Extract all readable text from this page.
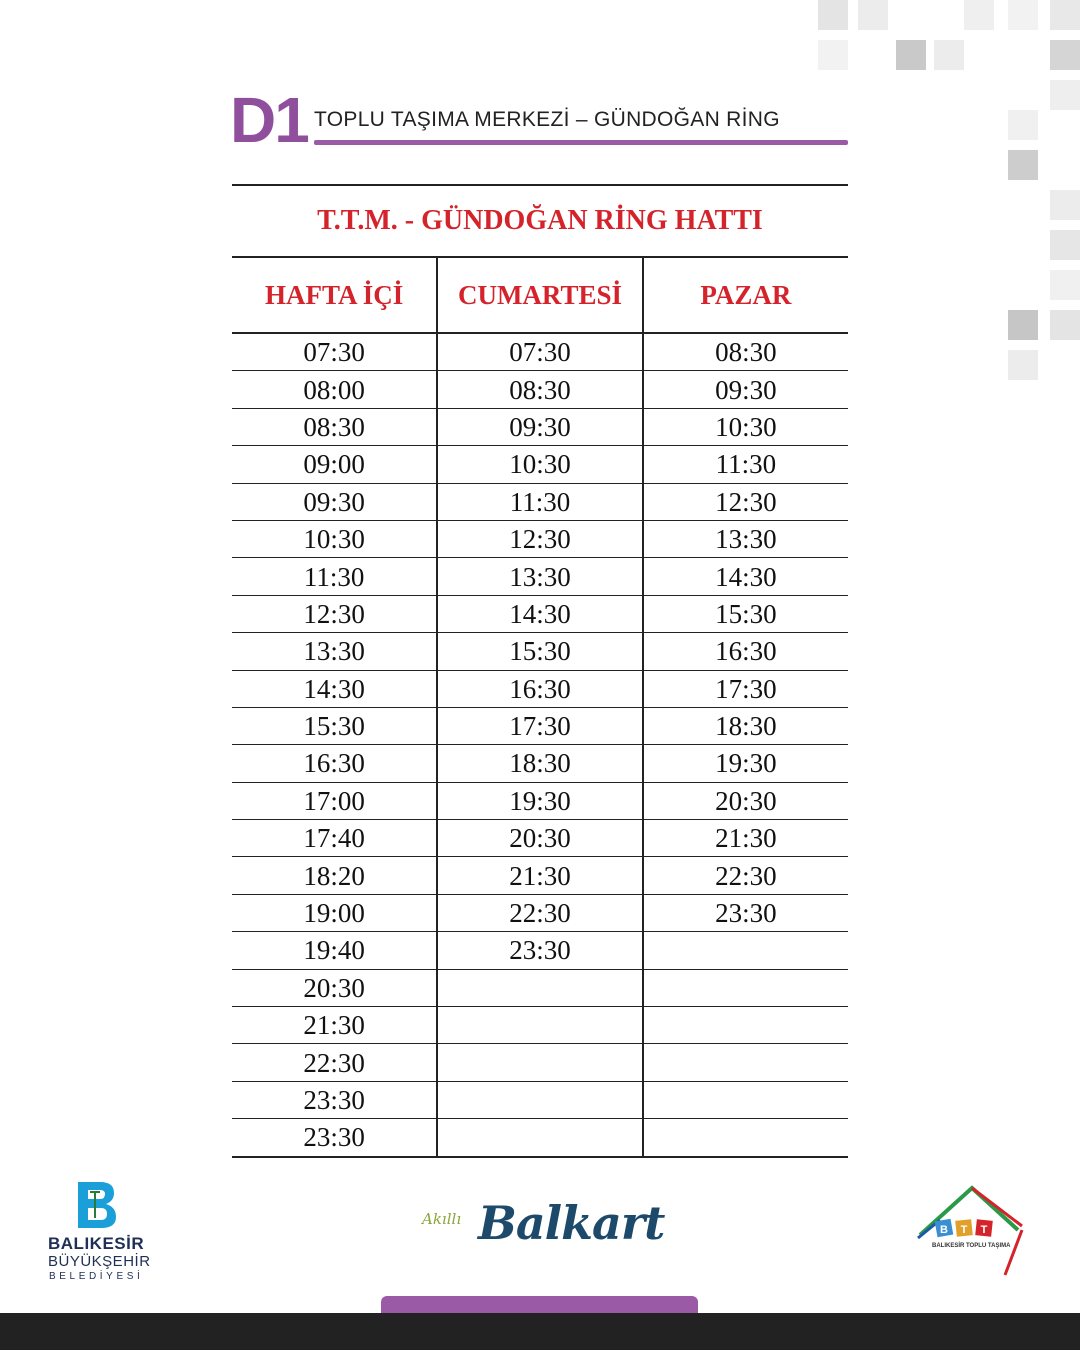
D1 TOPLU TAŞIMA MERKEZİ – GÜNDOĞAN RİNG
T.T.M. - GÜNDOĞAN RİNG HATTI
HAFTA İÇİ	CUMARTESİ	PAZAR
07:30	07:30	08:30
08:00	08:30	09:30
08:30	09:30	10:30
09:00	10:30	11:30
09:30	11:30	12:30
10:30	12:30	13:30
11:30	13:30	14:30
12:30	14:30	15:30
13:30	15:30	16:30
14:30	16:30	17:30
15:30	17:30	18:30
16:30	18:30	19:30
17:00	19:30	20:30
17:40	20:30	21:30
18:20	21:30	22:30
19:00	22:30	23:30
19:40	23:30	
20:30		
21:30		
22:30		
23:30		
23:30		
BALIKESİR
BÜYÜKŞEHİR
BELEDİYESİ
Akıllı Balkart	B T T
BALIKESİR TOPLU TAŞIMA
